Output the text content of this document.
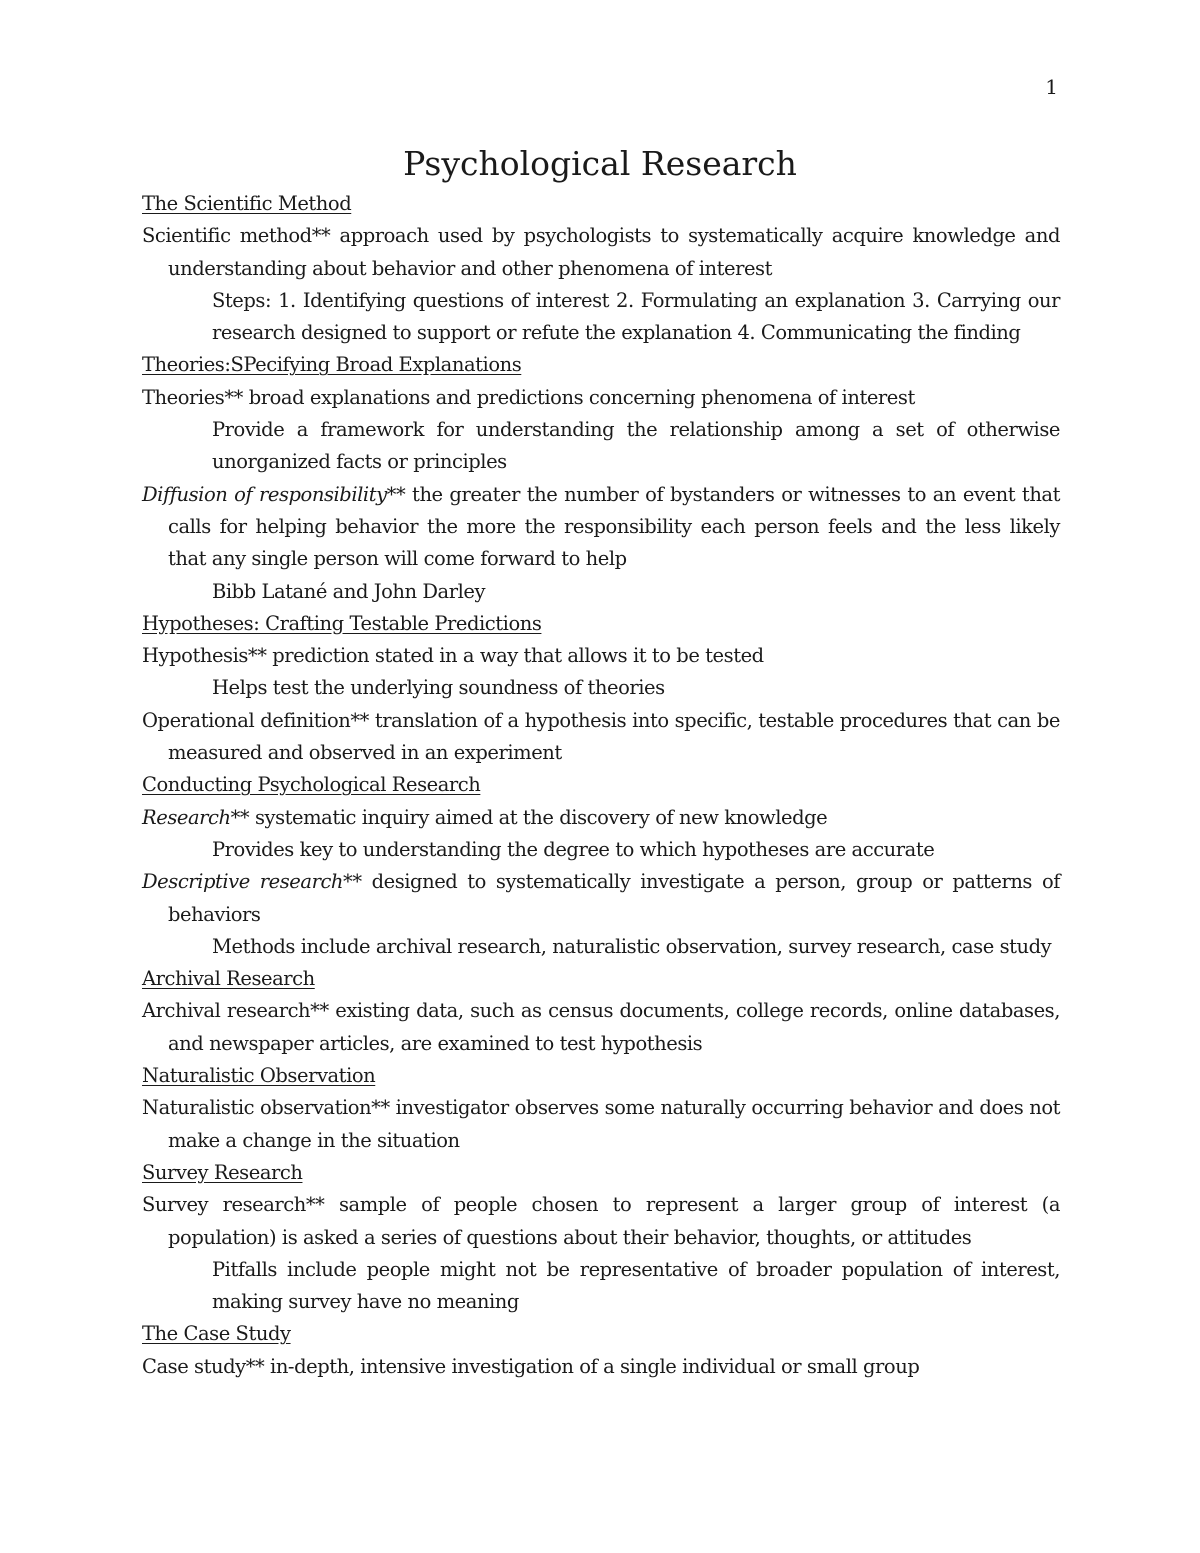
1
Psychological Research
The Scientific Method
Scientific method** approach used by psychologists to systematically acquire knowledge and understanding about behavior and other phenomena of interest
Steps: 1. Identifying questions of interest 2. Formulating an explanation 3. Carrying our research designed to support or refute the explanation 4. Communicating the finding
Theories:SPecifying Broad Explanations
Theories** broad explanations and predictions concerning phenomena of interest
Provide a framework for understanding the relationship among a set of otherwise unorganized facts or principles
Diffusion of responsibility** the greater the number of bystanders or witnesses to an event that calls for helping behavior the more the responsibility each person feels and the less likely that any single person will come forward to help
Bibb Latané and John Darley
Hypotheses: Crafting Testable Predictions
Hypothesis** prediction stated in a way that allows it to be tested
Helps test the underlying soundness of theories
Operational definition** translation of a hypothesis into specific, testable procedures that can be measured and observed in an experiment
Conducting Psychological Research
Research** systematic inquiry aimed at the discovery of new knowledge
Provides key to understanding the degree to which hypotheses are accurate
Descriptive research** designed to systematically investigate a person, group or patterns of behaviors
Methods include archival research, naturalistic observation, survey research, case study
Archival Research
Archival research** existing data, such as census documents, college records, online databases, and newspaper articles, are examined to test hypothesis
Naturalistic Observation
Naturalistic observation** investigator observes some naturally occurring behavior and does not make a change in the situation
Survey Research
Survey research** sample of people chosen to represent a larger group of interest (a population) is asked a series of questions about their behavior, thoughts, or attitudes
Pitfalls include people might not be representative of broader population of interest, making survey have no meaning
The Case Study
Case study** in-depth, intensive investigation of a single individual or small group
